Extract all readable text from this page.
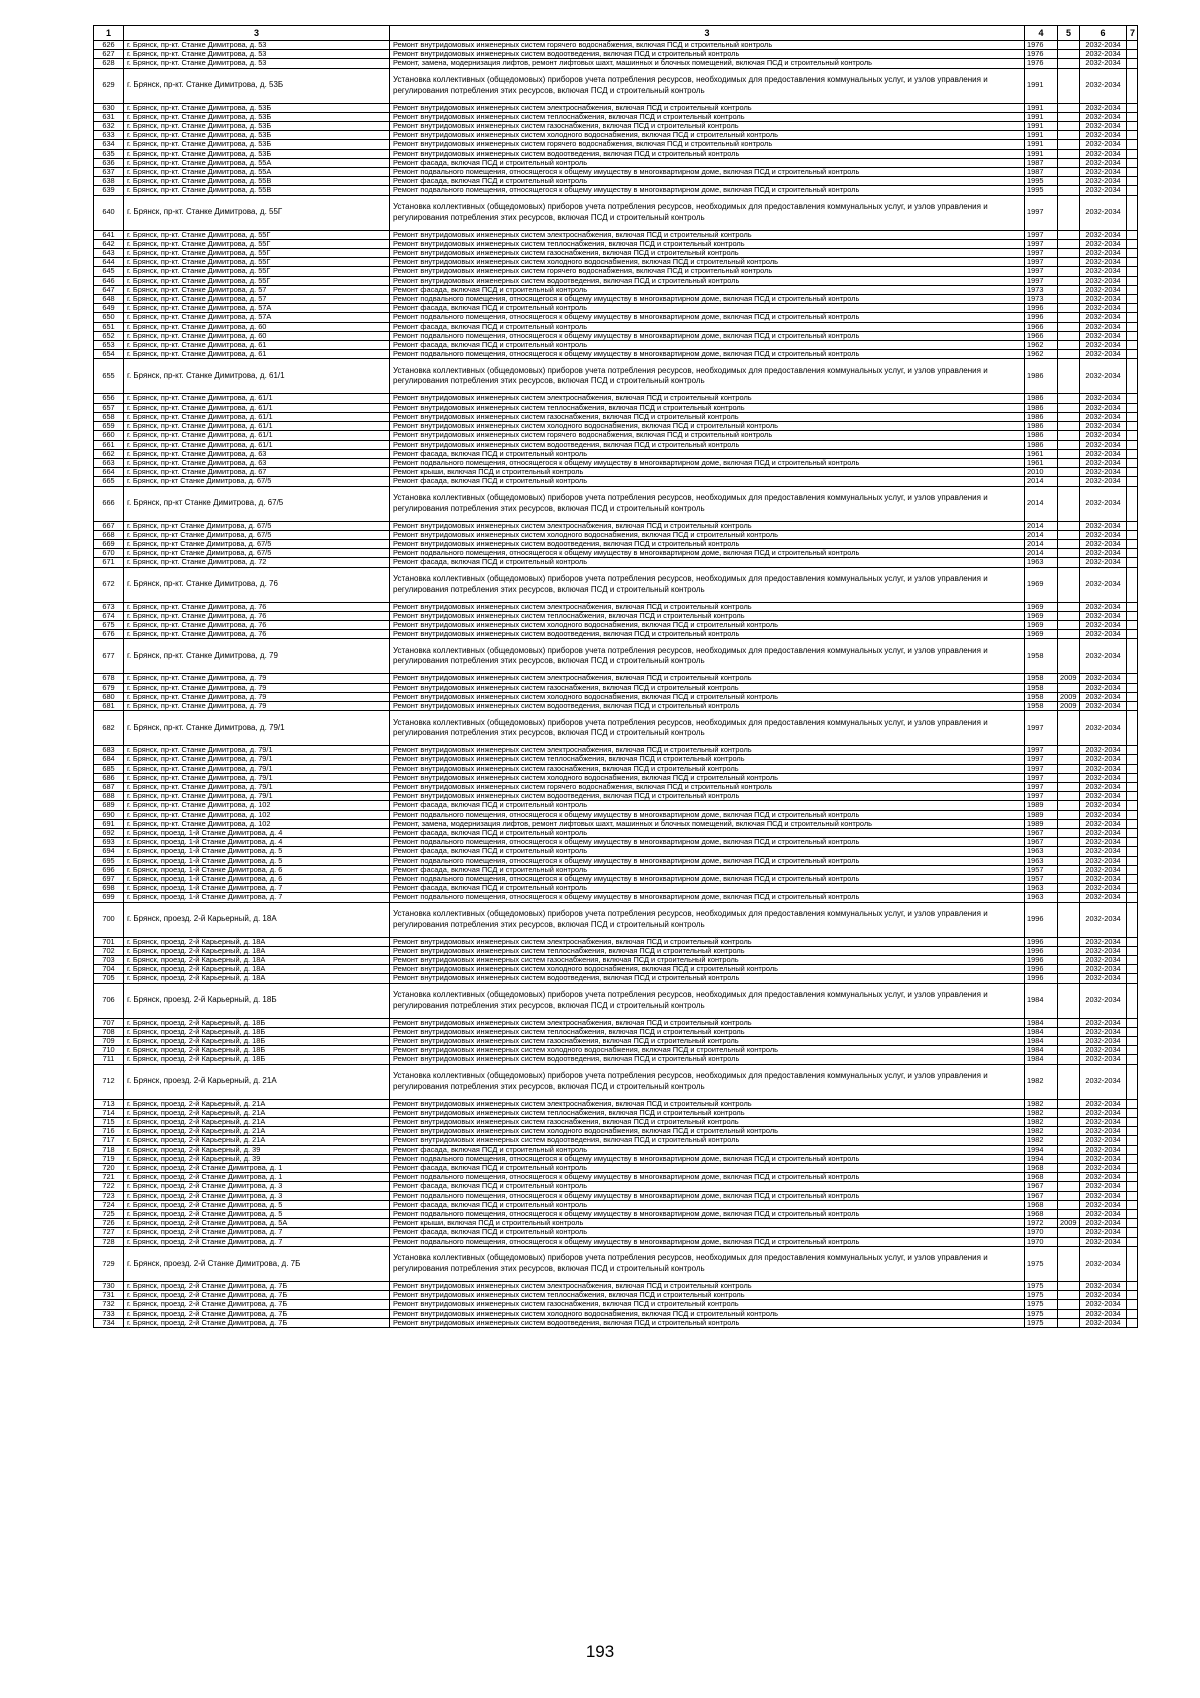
1	3	3	4	5	6	7
626	г. Брянск, пр-кт. Станке Димитрова, д. 53	Ремонт внутридомовых инженерных систем горячего водоснабжения, включая ПСД и строительный контроль	1976		2032-2034	
627	г. Брянск, пр-кт. Станке Димитрова, д. 53	Ремонт внутридомовых инженерных систем водоотведения, включая ПСД и строительный контроль	1976		2032-2034	
628	г. Брянск, пр-кт. Станке Димитрова, д. 53	Ремонт, замена, модернизация лифтов, ремонт лифтовых шахт, машинных и блочных помещений, включая ПСД и строительный контроль	1976		2032-2034	
629	г. Брянск, пр-кт. Станке Димитрова, д. 53Б	Установка коллективных (общедомовых) приборов учета потребления ресурсов, необходимых для предоставления коммунальных услуг, и узлов управления и регулирования потребления этих ресурсов, включая ПСД и строительный контроль	1991		2032-2034	
630	г. Брянск, пр-кт. Станке Димитрова, д. 53Б	Ремонт внутридомовых инженерных систем электроснабжения, включая ПСД и строительный контроль	1991		2032-2034	
631	г. Брянск, пр-кт. Станке Димитрова, д. 53Б	Ремонт внутридомовых инженерных систем теплоснабжения, включая ПСД и строительный контроль	1991		2032-2034	
632	г. Брянск, пр-кт. Станке Димитрова, д. 53Б	Ремонт внутридомовых инженерных систем газоснабжения, включая ПСД и строительный контроль	1991		2032-2034	
633	г. Брянск, пр-кт. Станке Димитрова, д. 53Б	Ремонт внутридомовых инженерных систем холодного водоснабжения, включая ПСД и строительный контроль	1991		2032-2034	
634	г. Брянск, пр-кт. Станке Димитрова, д. 53Б	Ремонт внутридомовых инженерных систем горячего водоснабжения, включая ПСД и строительный контроль	1991		2032-2034	
635	г. Брянск, пр-кт. Станке Димитрова, д. 53Б	Ремонт внутридомовых инженерных систем водоотведения, включая ПСД и строительный контроль	1991		2032-2034	
636	г. Брянск, пр-кт. Станке Димитрова, д. 55А	Ремонт фасада, включая ПСД и строительный контроль	1987		2032-2034	
637	г. Брянск, пр-кт. Станке Димитрова, д. 55А	Ремонт подвального помещения, относящегося к общему имуществу в многоквартирном доме, включая ПСД и строительный контроль	1987		2032-2034	
638	г. Брянск, пр-кт. Станке Димитрова, д. 55В	Ремонт фасада, включая ПСД и строительный контроль	1995		2032-2034	
639	г. Брянск, пр-кт. Станке Димитрова, д. 55В	Ремонт подвального помещения, относящегося к общему имуществу в многоквартирном доме, включая ПСД и строительный контроль	1995		2032-2034	
640	г. Брянск, пр-кт. Станке Димитрова, д. 55Г	Установка коллективных (общедомовых) приборов учета потребления ресурсов, необходимых для предоставления коммунальных услуг, и узлов управления и регулирования потребления этих ресурсов, включая ПСД и строительный контроль	1997		2032-2034	
641	г. Брянск, пр-кт. Станке Димитрова, д. 55Г	Ремонт внутридомовых инженерных систем электроснабжения, включая ПСД и строительный контроль	1997		2032-2034	
642	г. Брянск, пр-кт. Станке Димитрова, д. 55Г	Ремонт внутридомовых инженерных систем теплоснабжения, включая ПСД и строительный контроль	1997		2032-2034	
643	г. Брянск, пр-кт. Станке Димитрова, д. 55Г	Ремонт внутридомовых инженерных систем газоснабжения, включая ПСД и строительный контроль	1997		2032-2034	
644	г. Брянск, пр-кт. Станке Димитрова, д. 55Г	Ремонт внутридомовых инженерных систем холодного водоснабжения, включая ПСД и строительный контроль	1997		2032-2034	
645	г. Брянск, пр-кт. Станке Димитрова, д. 55Г	Ремонт внутридомовых инженерных систем горячего водоснабжения, включая ПСД и строительный контроль	1997		2032-2034	
646	г. Брянск, пр-кт. Станке Димитрова, д. 55Г	Ремонт внутридомовых инженерных систем водоотведения, включая ПСД и строительный контроль	1997		2032-2034	
647	г. Брянск, пр-кт. Станке Димитрова, д. 57	Ремонт фасада, включая ПСД и строительный контроль	1973		2032-2034	
648	г. Брянск, пр-кт. Станке Димитрова, д. 57	Ремонт подвального помещения, относящегося к общему имуществу в многоквартирном доме, включая ПСД и строительный контроль	1973		2032-2034	
649	г. Брянск, пр-кт. Станке Димитрова, д. 57А	Ремонт фасада, включая ПСД и строительный контроль	1996		2032-2034	
650	г. Брянск, пр-кт. Станке Димитрова, д. 57А	Ремонт подвального помещения, относящегося к общему имуществу в многоквартирном доме, включая ПСД и строительный контроль	1996		2032-2034	
651	г. Брянск, пр-кт. Станке Димитрова, д. 60	Ремонт фасада, включая ПСД и строительный контроль	1966		2032-2034	
652	г. Брянск, пр-кт. Станке Димитрова, д. 60	Ремонт подвального помещения, относящегося к общему имуществу в многоквартирном доме, включая ПСД и строительный контроль	1966		2032-2034	
653	г. Брянск, пр-кт. Станке Димитрова, д. 61	Ремонт фасада, включая ПСД и строительный контроль	1962		2032-2034	
654	г. Брянск, пр-кт. Станке Димитрова, д. 61	Ремонт подвального помещения, относящегося к общему имуществу в многоквартирном доме, включая ПСД и строительный контроль	1962		2032-2034	
655	г. Брянск, пр-кт. Станке Димитрова, д. 61/1	Установка коллективных (общедомовых) приборов учета потребления ресурсов, необходимых для предоставления коммунальных услуг, и узлов управления и регулирования потребления этих ресурсов, включая ПСД и строительный контроль	1986		2032-2034	
656	г. Брянск, пр-кт. Станке Димитрова, д. 61/1	Ремонт внутридомовых инженерных систем электроснабжения, включая ПСД и строительный контроль	1986		2032-2034	
657	г. Брянск, пр-кт. Станке Димитрова, д. 61/1	Ремонт внутридомовых инженерных систем теплоснабжения, включая ПСД и строительный контроль	1986		2032-2034	
658	г. Брянск, пр-кт. Станке Димитрова, д. 61/1	Ремонт внутридомовых инженерных систем газоснабжения, включая ПСД и строительный контроль	1986		2032-2034	
659	г. Брянск, пр-кт. Станке Димитрова, д. 61/1	Ремонт внутридомовых инженерных систем холодного водоснабжения, включая ПСД и строительный контроль	1986		2032-2034	
660	г. Брянск, пр-кт. Станке Димитрова, д. 61/1	Ремонт внутридомовых инженерных систем горячего водоснабжения, включая ПСД и строительный контроль	1986		2032-2034	
661	г. Брянск, пр-кт. Станке Димитрова, д. 61/1	Ремонт внутридомовых инженерных систем водоотведения, включая ПСД и строительный контроль	1986		2032-2034	
662	г. Брянск, пр-кт. Станке Димитрова, д. 63	Ремонт фасада, включая ПСД и строительный контроль	1961		2032-2034	
663	г. Брянск, пр-кт. Станке Димитрова, д. 63	Ремонт подвального помещения, относящегося к общему имуществу в многоквартирном доме, включая ПСД и строительный контроль	1961		2032-2034	
664	г. Брянск, пр-кт. Станке Димитрова, д. 67	Ремонт крыши, включая ПСД и строительный контроль	2010		2032-2034	
665	г. Брянск, пр-кт Станке Димитрова, д. 67/5	Ремонт фасада, включая ПСД и строительный контроль	2014		2032-2034	
666	г. Брянск, пр-кт Станке Димитрова, д. 67/5	Установка коллективных (общедомовых) приборов учета потребления ресурсов, необходимых для предоставления коммунальных услуг, и узлов управления и регулирования потребления этих ресурсов, включая ПСД и строительный контроль	2014		2032-2034	
667	г. Брянск, пр-кт Станке Димитрова, д. 67/5	Ремонт внутридомовых инженерных систем электроснабжения, включая ПСД и строительный контроль	2014		2032-2034	
668	г. Брянск, пр-кт Станке Димитрова, д. 67/5	Ремонт внутридомовых инженерных систем холодного водоснабжения, включая ПСД и строительный контроль	2014		2032-2034	
669	г. Брянск, пр-кт Станке Димитрова, д. 67/5	Ремонт внутридомовых инженерных систем водоотведения, включая ПСД и строительный контроль	2014		2032-2034	
670	г. Брянск, пр-кт Станке Димитрова, д. 67/5	Ремонт подвального помещения, относящегося к общему имуществу в многоквартирном доме, включая ПСД и строительный контроль	2014		2032-2034	
671	г. Брянск, пр-кт. Станке Димитрова, д. 72	Ремонт фасада, включая ПСД и строительный контроль	1963		2032-2034	
672	г. Брянск, пр-кт. Станке Димитрова, д. 76	Установка коллективных (общедомовых) приборов учета потребления ресурсов, необходимых для предоставления коммунальных услуг, и узлов управления и регулирования потребления этих ресурсов, включая ПСД и строительный контроль	1969		2032-2034	
673	г. Брянск, пр-кт. Станке Димитрова, д. 76	Ремонт внутридомовых инженерных систем электроснабжения, включая ПСД и строительный контроль	1969		2032-2034	
674	г. Брянск, пр-кт. Станке Димитрова, д. 76	Ремонт внутридомовых инженерных систем теплоснабжения, включая ПСД и строительный контроль	1969		2032-2034	
675	г. Брянск, пр-кт. Станке Димитрова, д. 76	Ремонт внутридомовых инженерных систем холодного водоснабжения, включая ПСД и строительный контроль	1969		2032-2034	
676	г. Брянск, пр-кт. Станке Димитрова, д. 76	Ремонт внутридомовых инженерных систем водоотведения, включая ПСД и строительный контроль	1969		2032-2034	
677	г. Брянск, пр-кт. Станке Димитрова, д. 79	Установка коллективных (общедомовых) приборов учета потребления ресурсов, необходимых для предоставления коммунальных услуг, и узлов управления и регулирования потребления этих ресурсов, включая ПСД и строительный контроль	1958		2032-2034	
678	г. Брянск, пр-кт. Станке Димитрова, д. 79	Ремонт внутридомовых инженерных систем электроснабжения, включая ПСД и строительный контроль	1958	2009	2032-2034	
679	г. Брянск, пр-кт. Станке Димитрова, д. 79	Ремонт внутридомовых инженерных систем газоснабжения, включая ПСД и строительный контроль	1958		2032-2034	
680	г. Брянск, пр-кт. Станке Димитрова, д. 79	Ремонт внутридомовых инженерных систем холодного водоснабжения, включая ПСД и строительный контроль	1958	2009	2032-2034	
681	г. Брянск, пр-кт. Станке Димитрова, д. 79	Ремонт внутридомовых инженерных систем водоотведения, включая ПСД и строительный контроль	1958	2009	2032-2034	
682	г. Брянск, пр-кт. Станке Димитрова, д. 79/1	Установка коллективных (общедомовых) приборов учета потребления ресурсов, необходимых для предоставления коммунальных услуг, и узлов управления и регулирования потребления этих ресурсов, включая ПСД и строительный контроль	1997		2032-2034	
683	г. Брянск, пр-кт. Станке Димитрова, д. 79/1	Ремонт внутридомовых инженерных систем электроснабжения, включая ПСД и строительный контроль	1997		2032-2034	
684	г. Брянск, пр-кт. Станке Димитрова, д. 79/1	Ремонт внутридомовых инженерных систем теплоснабжения, включая ПСД и строительный контроль	1997		2032-2034	
685	г. Брянск, пр-кт. Станке Димитрова, д. 79/1	Ремонт внутридомовых инженерных систем газоснабжения, включая ПСД и строительный контроль	1997		2032-2034	
686	г. Брянск, пр-кт. Станке Димитрова, д. 79/1	Ремонт внутридомовых инженерных систем холодного водоснабжения, включая ПСД и строительный контроль	1997		2032-2034	
687	г. Брянск, пр-кт. Станке Димитрова, д. 79/1	Ремонт внутридомовых инженерных систем горячего водоснабжения, включая ПСД и строительный контроль	1997		2032-2034	
688	г. Брянск, пр-кт. Станке Димитрова, д. 79/1	Ремонт внутридомовых инженерных систем водоотведения, включая ПСД и строительный контроль	1997		2032-2034	
689	г. Брянск, пр-кт. Станке Димитрова, д. 102	Ремонт фасада, включая ПСД и строительный контроль	1989		2032-2034	
690	г. Брянск, пр-кт. Станке Димитрова, д. 102	Ремонт подвального помещения, относящегося к общему имуществу в многоквартирном доме, включая ПСД и строительный контроль	1989		2032-2034	
691	г. Брянск, пр-кт. Станке Димитрова, д. 102	Ремонт, замена, модернизация лифтов, ремонт лифтовых шахт, машинных и блочных помещений, включая ПСД и строительный контроль	1989		2032-2034	
692	г. Брянск, проезд. 1-й Станке Димитрова, д. 4	Ремонт фасада, включая ПСД и строительный контроль	1967		2032-2034	
693	г. Брянск, проезд. 1-й Станке Димитрова, д. 4	Ремонт подвального помещения, относящегося к общему имуществу в многоквартирном доме, включая ПСД и строительный контроль	1967		2032-2034	
694	г. Брянск, проезд. 1-й Станке Димитрова, д. 5	Ремонт фасада, включая ПСД и строительный контроль	1963		2032-2034	
695	г. Брянск, проезд. 1-й Станке Димитрова, д. 5	Ремонт подвального помещения, относящегося к общему имуществу в многоквартирном доме, включая ПСД и строительный контроль	1963		2032-2034	
696	г. Брянск, проезд. 1-й Станке Димитрова, д. 6	Ремонт фасада, включая ПСД и строительный контроль	1957		2032-2034	
697	г. Брянск, проезд. 1-й Станке Димитрова, д. 6	Ремонт подвального помещения, относящегося к общему имуществу в многоквартирном доме, включая ПСД и строительный контроль	1957		2032-2034	
698	г. Брянск, проезд. 1-й Станке Димитрова, д. 7	Ремонт фасада, включая ПСД и строительный контроль	1963		2032-2034	
699	г. Брянск, проезд. 1-й Станке Димитрова, д. 7	Ремонт подвального помещения, относящегося к общему имуществу в многоквартирном доме, включая ПСД и строительный контроль	1963		2032-2034	
700	г. Брянск, проезд. 2-й Карьерный, д. 18А	Установка коллективных (общедомовых) приборов учета потребления ресурсов, необходимых для предоставления коммунальных услуг, и узлов управления и регулирования потребления этих ресурсов, включая ПСД и строительный контроль	1996		2032-2034	
701	г. Брянск, проезд. 2-й Карьерный, д. 18А	Ремонт внутридомовых инженерных систем электроснабжения, включая ПСД и строительный контроль	1996		2032-2034	
702	г. Брянск, проезд. 2-й Карьерный, д. 18А	Ремонт внутридомовых инженерных систем теплоснабжения, включая ПСД и строительный контроль	1996		2032-2034	
703	г. Брянск, проезд. 2-й Карьерный, д. 18А	Ремонт внутридомовых инженерных систем газоснабжения, включая ПСД и строительный контроль	1996		2032-2034	
704	г. Брянск, проезд. 2-й Карьерный, д. 18А	Ремонт внутридомовых инженерных систем холодного водоснабжения, включая ПСД и строительный контроль	1996		2032-2034	
705	г. Брянск, проезд. 2-й Карьерный, д. 18А	Ремонт внутридомовых инженерных систем водоотведения, включая ПСД и строительный контроль	1996		2032-2034	
706	г. Брянск, проезд. 2-й Карьерный, д. 18Б	Установка коллективных (общедомовых) приборов учета потребления ресурсов, необходимых для предоставления коммунальных услуг, и узлов управления и регулирования потребления этих ресурсов, включая ПСД и строительный контроль	1984		2032-2034	
707	г. Брянск, проезд. 2-й Карьерный, д. 18Б	Ремонт внутридомовых инженерных систем электроснабжения, включая ПСД и строительный контроль	1984		2032-2034	
708	г. Брянск, проезд. 2-й Карьерный, д. 18Б	Ремонт внутридомовых инженерных систем теплоснабжения, включая ПСД и строительный контроль	1984		2032-2034	
709	г. Брянск, проезд. 2-й Карьерный, д. 18Б	Ремонт внутридомовых инженерных систем газоснабжения, включая ПСД и строительный контроль	1984		2032-2034	
710	г. Брянск, проезд. 2-й Карьерный, д. 18Б	Ремонт внутридомовых инженерных систем холодного водоснабжения, включая ПСД и строительный контроль	1984		2032-2034	
711	г. Брянск, проезд. 2-й Карьерный, д. 18Б	Ремонт внутридомовых инженерных систем водоотведения, включая ПСД и строительный контроль	1984		2032-2034	
712	г. Брянск, проезд. 2-й Карьерный, д. 21А	Установка коллективных (общедомовых) приборов учета потребления ресурсов, необходимых для предоставления коммунальных услуг, и узлов управления и регулирования потребления этих ресурсов, включая ПСД и строительный контроль	1982		2032-2034	
713	г. Брянск, проезд. 2-й Карьерный, д. 21А	Ремонт внутридомовых инженерных систем электроснабжения, включая ПСД и строительный контроль	1982		2032-2034	
714	г. Брянск, проезд. 2-й Карьерный, д. 21А	Ремонт внутридомовых инженерных систем теплоснабжения, включая ПСД и строительный контроль	1982		2032-2034	
715	г. Брянск, проезд. 2-й Карьерный, д. 21А	Ремонт внутридомовых инженерных систем газоснабжения, включая ПСД и строительный контроль	1982		2032-2034	
716	г. Брянск, проезд. 2-й Карьерный, д. 21А	Ремонт внутридомовых инженерных систем холодного водоснабжения, включая ПСД и строительный контроль	1982		2032-2034	
717	г. Брянск, проезд. 2-й Карьерный, д. 21А	Ремонт внутридомовых инженерных систем водоотведения, включая ПСД и строительный контроль	1982		2032-2034	
718	г. Брянск, проезд. 2-й Карьерный, д. 39	Ремонт фасада, включая ПСД и строительный контроль	1994		2032-2034	
719	г. Брянск, проезд. 2-й Карьерный, д. 39	Ремонт подвального помещения, относящегося к общему имуществу в многоквартирном доме, включая ПСД и строительный контроль	1994		2032-2034	
720	г. Брянск, проезд. 2-й Станке Димитрова, д. 1	Ремонт фасада, включая ПСД и строительный контроль	1968		2032-2034	
721	г. Брянск, проезд. 2-й Станке Димитрова, д. 1	Ремонт подвального помещения, относящегося к общему имуществу в многоквартирном доме, включая ПСД и строительный контроль	1968		2032-2034	
722	г. Брянск, проезд. 2-й Станке Димитрова, д. 3	Ремонт фасада, включая ПСД и строительный контроль	1967		2032-2034	
723	г. Брянск, проезд. 2-й Станке Димитрова, д. 3	Ремонт подвального помещения, относящегося к общему имуществу в многоквартирном доме, включая ПСД и строительный контроль	1967		2032-2034	
724	г. Брянск, проезд. 2-й Станке Димитрова, д. 5	Ремонт фасада, включая ПСД и строительный контроль	1968		2032-2034	
725	г. Брянск, проезд. 2-й Станке Димитрова, д. 5	Ремонт подвального помещения, относящегося к общему имуществу в многоквартирном доме, включая ПСД и строительный контроль	1968		2032-2034	
726	г. Брянск, проезд. 2-й Станке Димитрова, д. 5А	Ремонт крыши, включая ПСД и строительный контроль	1972	2009	2032-2034	
727	г. Брянск, проезд. 2-й Станке Димитрова, д. 7	Ремонт фасада, включая ПСД и строительный контроль	1970		2032-2034	
728	г. Брянск, проезд. 2-й Станке Димитрова, д. 7	Ремонт подвального помещения, относящегося к общему имуществу в многоквартирном доме, включая ПСД и строительный контроль	1970		2032-2034	
729	г. Брянск, проезд. 2-й Станке Димитрова, д. 7Б	Установка коллективных (общедомовых) приборов учета потребления ресурсов, необходимых для предоставления коммунальных услуг, и узлов управления и регулирования потребления этих ресурсов, включая ПСД и строительный контроль	1975		2032-2034	
730	г. Брянск, проезд. 2-й Станке Димитрова, д. 7Б	Ремонт внутридомовых инженерных систем электроснабжения, включая ПСД и строительный контроль	1975		2032-2034	
731	г. Брянск, проезд. 2-й Станке Димитрова, д. 7Б	Ремонт внутридомовых инженерных систем теплоснабжения, включая ПСД и строительный контроль	1975		2032-2034	
732	г. Брянск, проезд. 2-й Станке Димитрова, д. 7Б	Ремонт внутридомовых инженерных систем газоснабжения, включая ПСД и строительный контроль	1975		2032-2034	
733	г. Брянск, проезд. 2-й Станке Димитрова, д. 7Б	Ремонт внутридомовых инженерных систем холодного водоснабжения, включая ПСД и строительный контроль	1975		2032-2034	
734	г. Брянск, проезд. 2-й Станке Димитрова, д. 7Б	Ремонт внутридомовых инженерных систем водоотведения, включая ПСД и строительный контроль	1975		2032-2034	
193
